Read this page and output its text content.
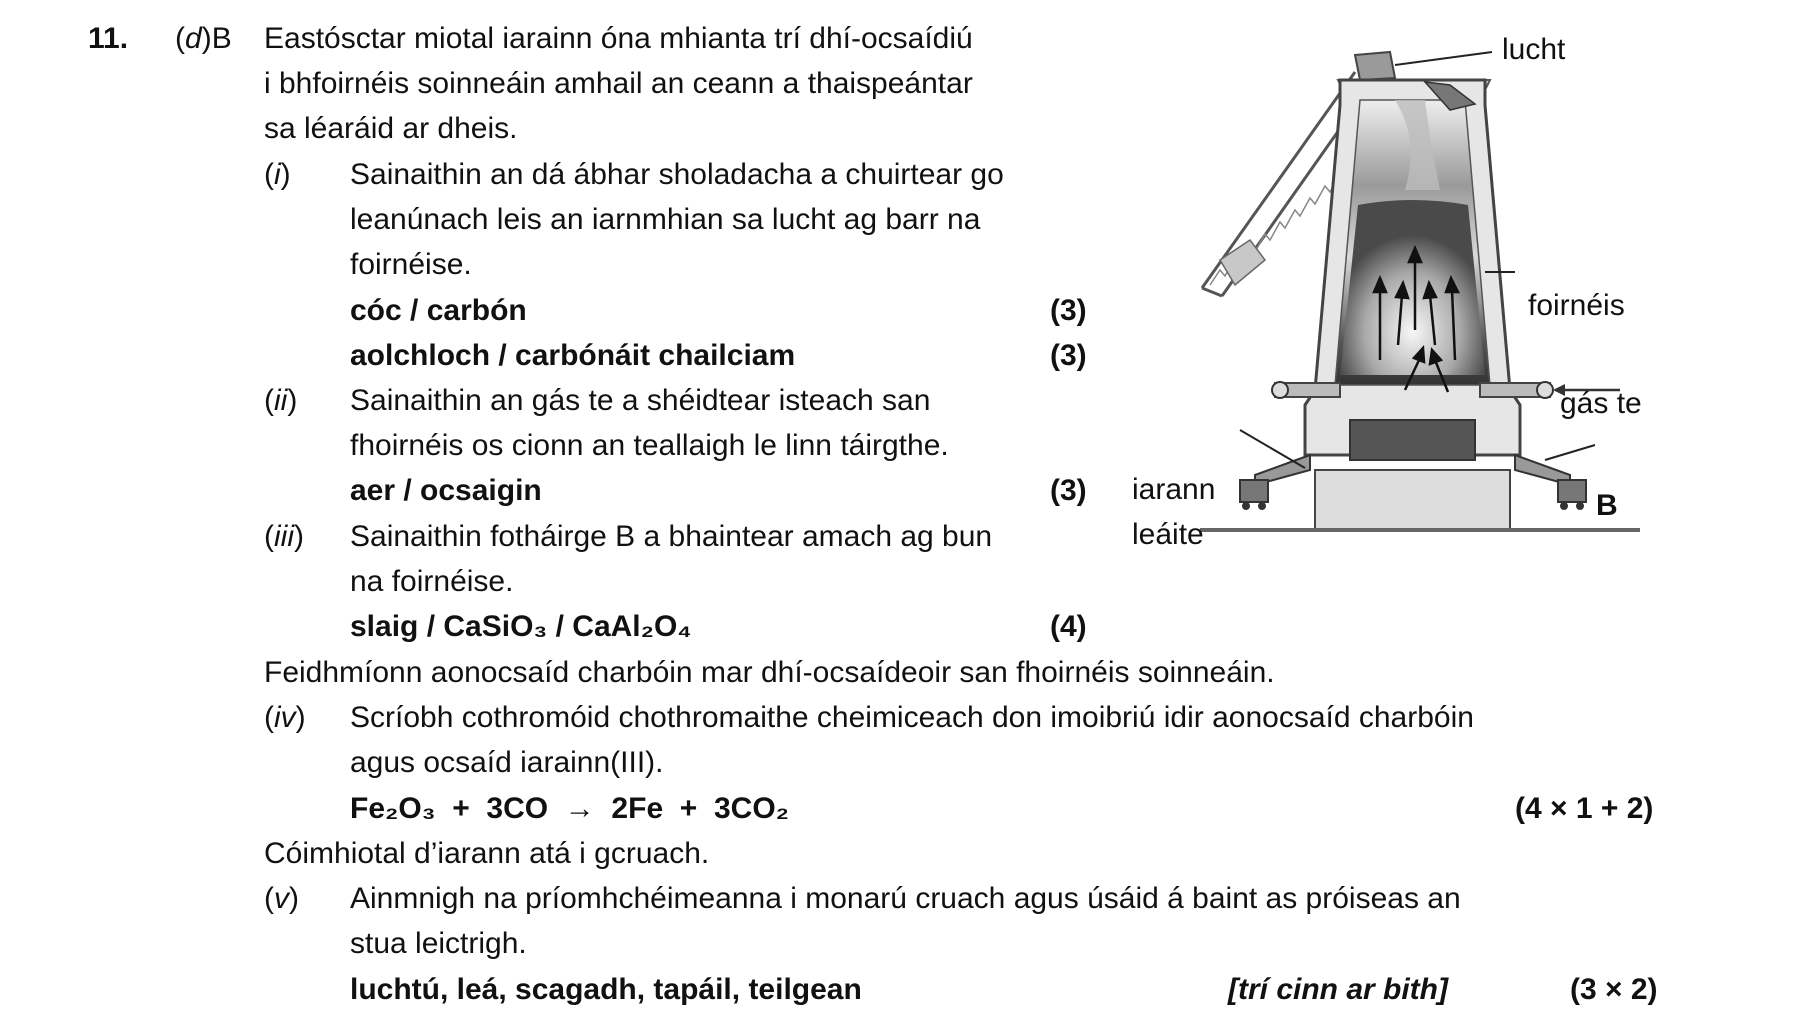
11. (d)B Eastósctar miotal iarainn óna mhianta trí dhí-ocsaídiú
i bhfoirnéis soinneáin amhail an ceann a thaispeántar
sa léaráid ar dheis.
(i) Sainaithin an dá ábhar sholadacha a chuirtear go
leanúnach leis an iarnmhian sa lucht ag barr na
foirnéise.
cóc / carbón	(3)
aolchloch / carbónáit chailciam	(3)
(ii) Sainaithin an gás te a shéidtear isteach san
fhoirnéis os cionn an teallaigh le linn táirgthe.
aer / ocsaigin	(3)
(iii) Sainaithin fotháirge B a bhaintear amach ag bun
na foirnéise.
slaig / CaSiO₃ / CaAl₂O₄	(4)
Feidhmíonn aonocsaíd charbóin mar dhí-ocsaídeoir san fhoirnéis soinneáin.
(iv) Scríobh cothromóid chothromaithe cheimiceach don imoibriú idir aonocsaíd charbóin
agus ocsaíd iarainn(III).
Fe₂O₃  +  3CO  →  2Fe  +  3CO₂	(4 × 1 + 2)
Cóimhiotal d’iarann atá i gcruach.
(v) Ainmnigh na príomhchéimeanna i monarú cruach agus úsáid á baint as próiseas an
stua leictrigh.
luchtú, leá, scagadh, tapáil, teilgean	[trí cinn ar bith]	(3 × 2)
lucht
foirnéis
gás te
iarann
leáite
B
